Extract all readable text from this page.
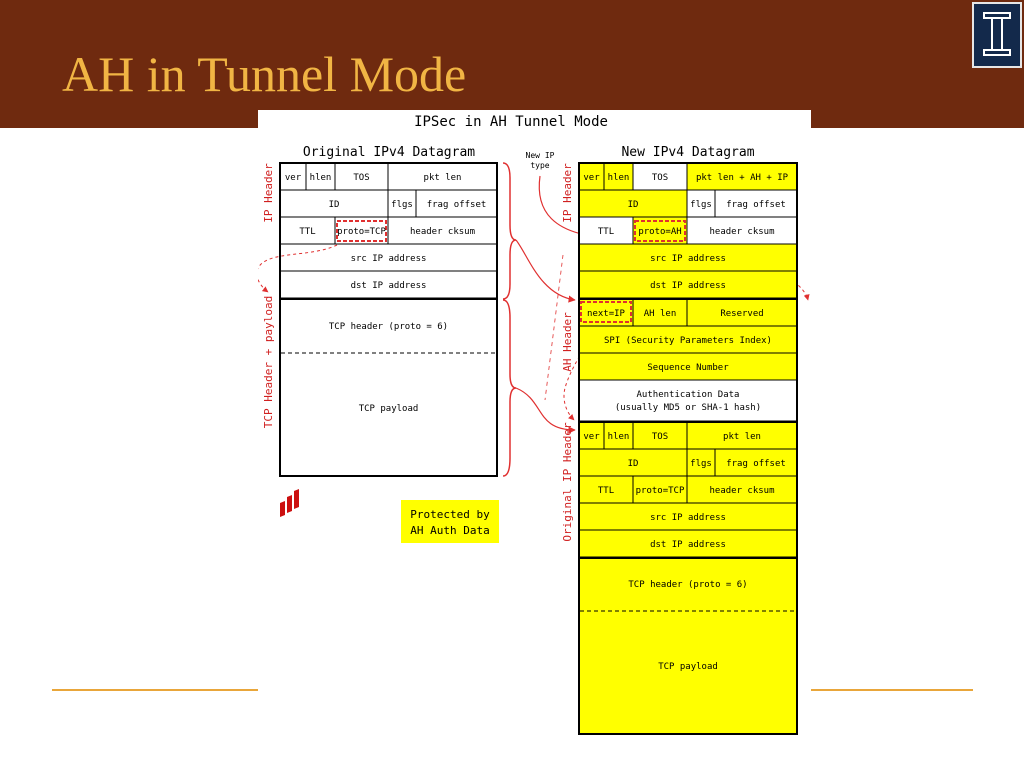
AH in Tunnel Mode
IPSec in AH Tunnel Mode
Original IPv4 Datagram
ver hlen TOS	pkt len
ID	flgs frag offset
TTL proto=TCP	header cksum
src IP address
dst IP address
TCP header (proto = 6)
TCP payload
IP Header
TCP Header + payload
New IP
type
New IPv4 Datagram
ver hlen	TOS	pkt len + AH + IP
ID	flgs frag offset
TTL	proto=AH	header cksum
src IP address
dst IP address
next=IP AH len	Reserved
SPI (Security Parameters Index)
Sequence Number
Authentication Data
(usually MD5 or SHA-1 hash)
ver hlen	TOS	pkt len
ID	flgs frag offset
TTL proto=TCP	header cksum
src IP address
dst IP address
TCP header (proto = 6)
TCP payload
IP Header
AH Header
Original IP Header
Protected by
AH Auth Data
